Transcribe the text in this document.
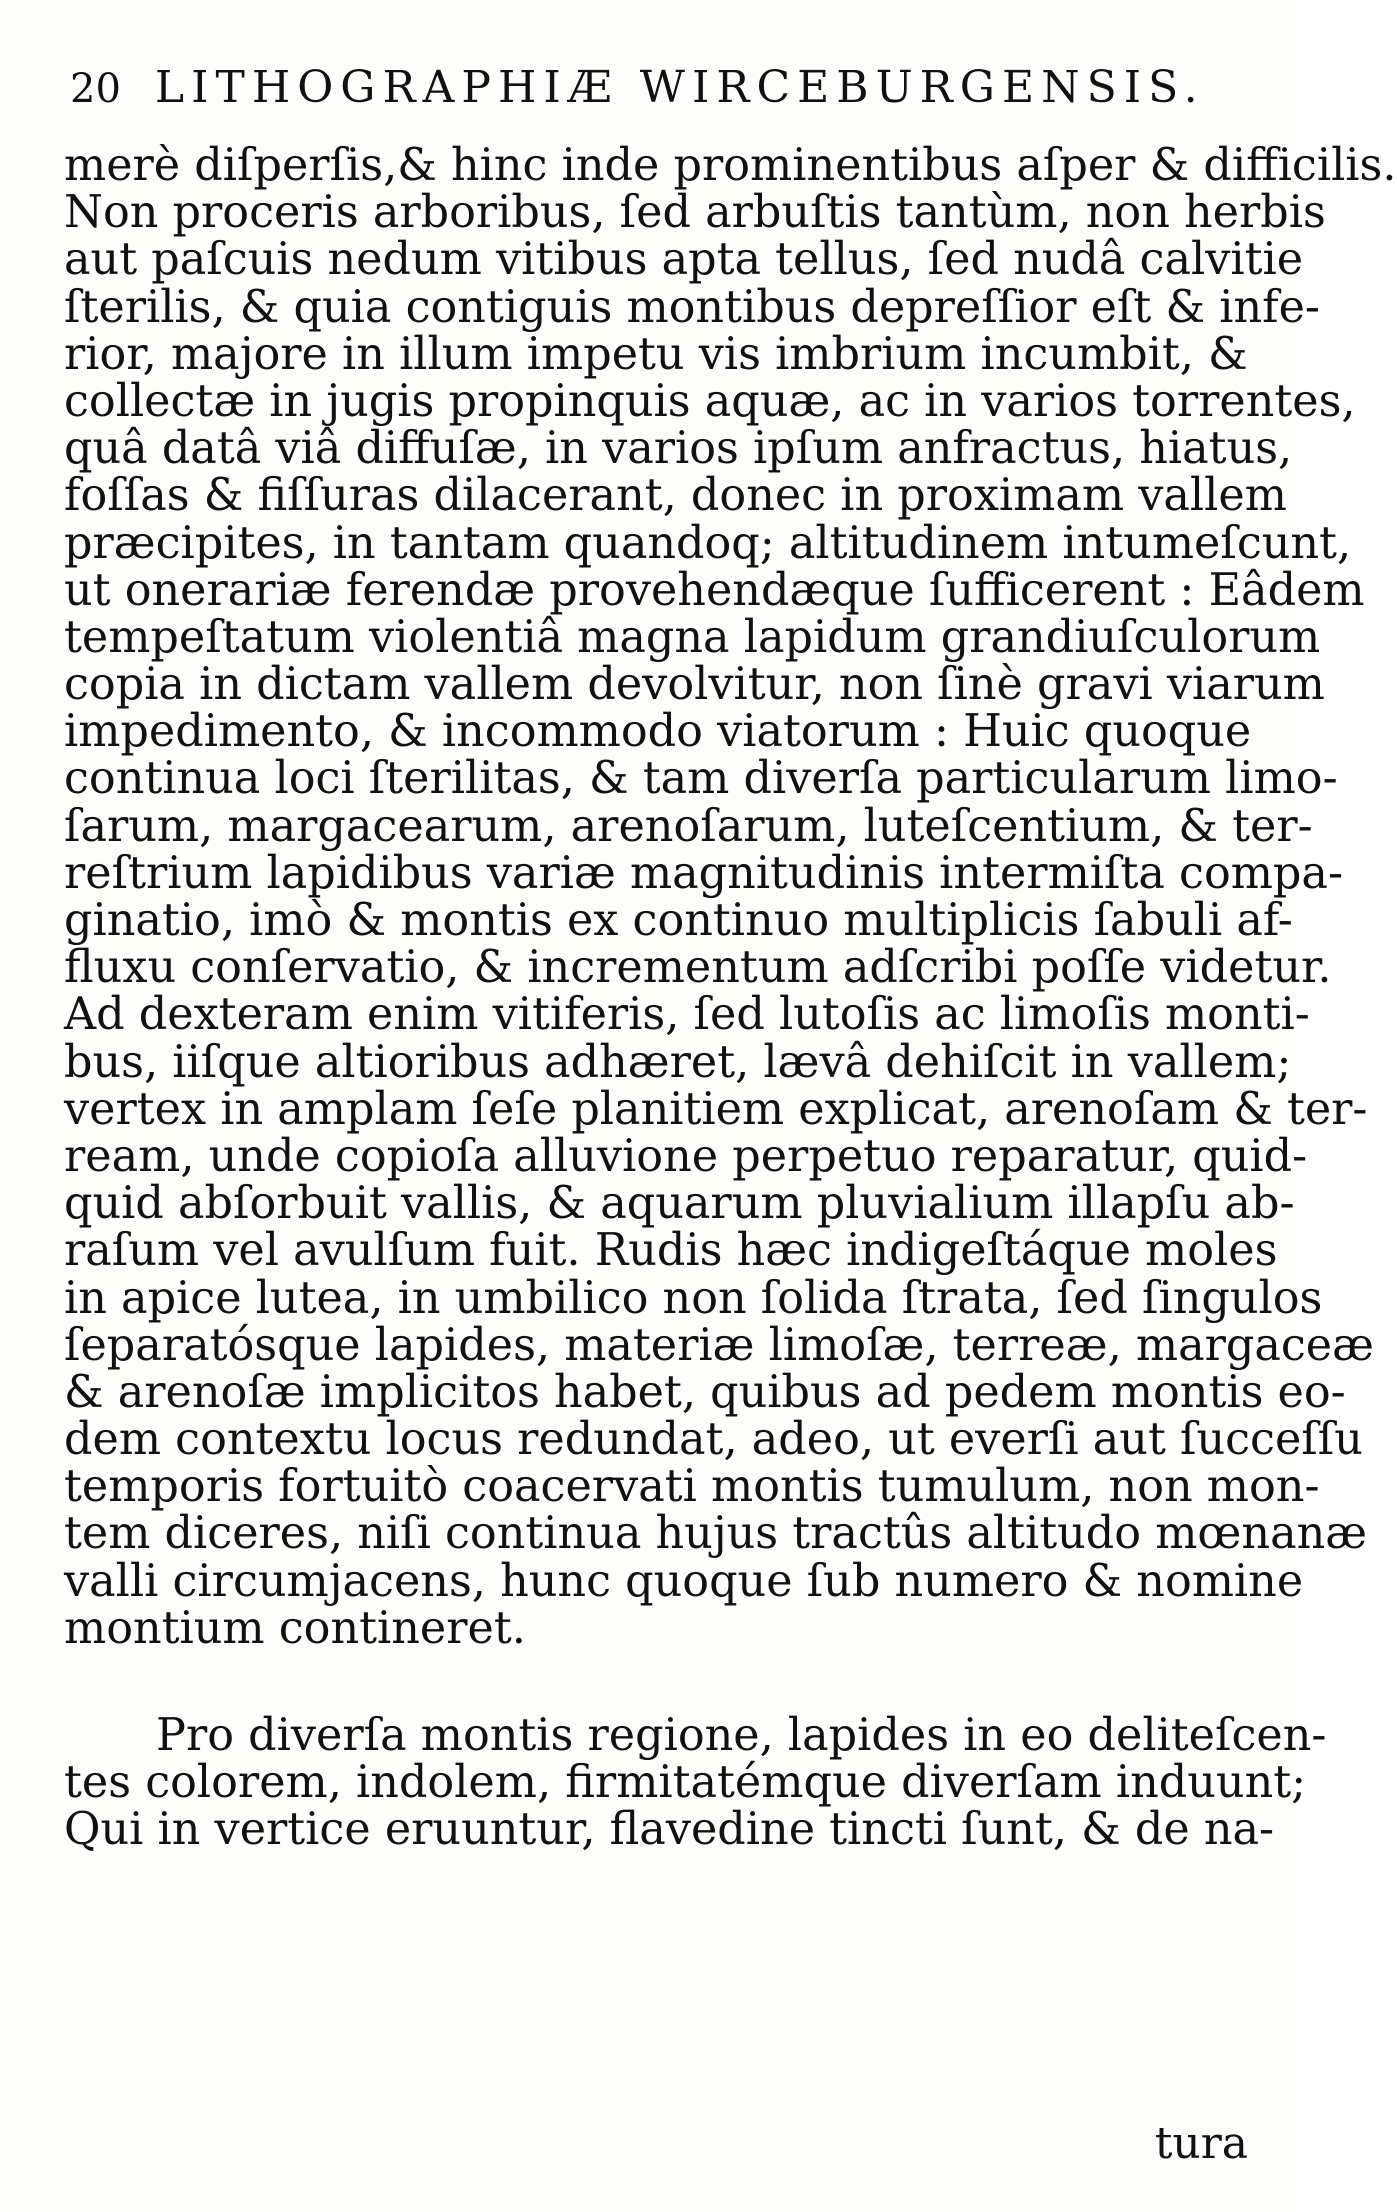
20 LITHOGRAPHIÆ WIRCEBURGENSIS.
merè diſperſis,& hinc inde prominentibus aſper & difficilis.
Non proceris arboribus, ſed arbuſtis tantùm, non herbis
aut paſcuis nedum vitibus apta tellus, ſed nudâ calvitie
ſterilis, & quia contiguis montibus depreſſior eſt & infe-
rior, majore in illum impetu vis imbrium incumbit, &
collectæ in jugis propinquis aquæ, ac in varios torrentes,
quâ datâ viâ diffuſæ, in varios ipſum anfractus, hiatus,
foſſas & fiſſuras dilacerant, donec in proximam vallem
præcipites, in tantam quandoq; altitudinem intumeſcunt,
ut onerariæ ferendæ provehendæque ſufficerent : Eâdem
tempeſtatum violentiâ magna lapidum grandiuſculorum
copia in dictam vallem devolvitur, non ſinè gravi viarum
impedimento, & incommodo viatorum : Huic quoque
continua loci ſterilitas, & tam diverſa particularum limo-
ſarum, margacearum, arenoſarum, luteſcentium, & ter-
reſtrium lapidibus variæ magnitudinis intermiſta compa-
ginatio, imò & montis ex continuo multiplicis ſabuli af-
fluxu conſervatio, & incrementum adſcribi poſſe videtur.
Ad dexteram enim vitiferis, ſed lutoſis ac limoſis monti-
bus, iiſque altioribus adhæret, lævâ dehiſcit in vallem;
vertex in amplam ſeſe planitiem explicat, arenoſam & ter-
ream, unde copioſa alluvione perpetuo reparatur, quid-
quid abſorbuit vallis, & aquarum pluvialium illapſu ab-
raſum vel avulſum fuit. Rudis hæc indigeſtáque moles
in apice lutea, in umbilico non ſolida ſtrata, ſed ſingulos
ſeparatósque lapides, materiæ limoſæ, terreæ, margaceæ
& arenoſæ implicitos habet, quibus ad pedem montis eo-
dem contextu locus redundat, adeo, ut everſi aut ſucceſſu
temporis fortuitò coacervati montis tumulum, non mon-
tem diceres, niſi continua hujus tractûs altitudo mœnanæ
valli circumjacens, hunc quoque ſub numero & nomine
montium contineret.
Pro diverſa montis regione, lapides in eo deliteſcen-
tes colorem, indolem, firmitatémque diverſam induunt;
Qui in vertice eruuntur, flavedine tincti ſunt, & de na-
tura
